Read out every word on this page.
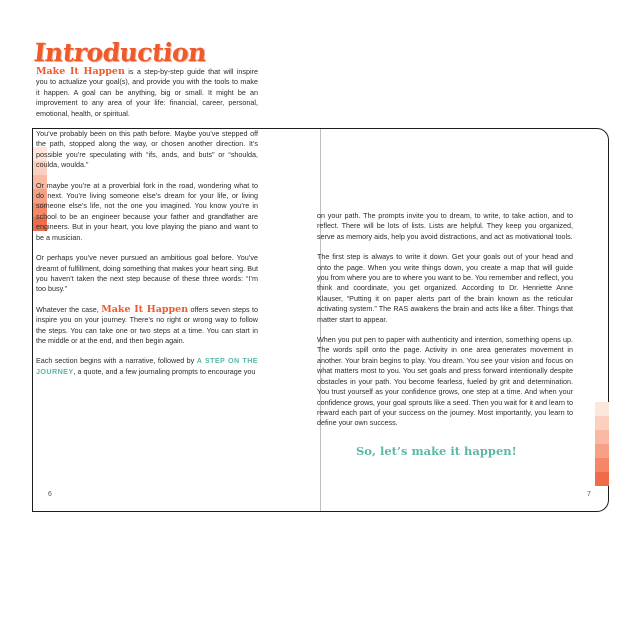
Introduction

Make It Happen is a step-by-step guide that will inspire you to actualize your goal(s), and provide you with the tools to make it happen. A goal can be anything, big or small. It might be an improvement to any area of your life: financial, career, personal, emotional, health, or spiritual.

You’ve probably been on this path before. Maybe you’ve stepped off the path, stopped along the way, or chosen another direction. It’s possible you’re speculating with “ifs, ands, and buts” or “shoulda, coulda, woulda.”

Or maybe you’re at a proverbial fork in the road, wondering what to do next. You’re living someone else’s dream for your life, or living someone else’s life, not the one you imagined. You know you’re in school to be an engineer because your father and grandfather are engineers. But in your heart, you love playing the piano and want to be a musician.

Or perhaps you’ve never pursued an ambitious goal before. You’ve dreamt of fulfillment, doing something that makes your heart sing. But you haven’t taken the next step because of these three words: “I’m too busy.”

Whatever the case, Make It Happen offers seven steps to inspire you on your journey. There’s no right or wrong way to follow the steps. You can take one or two steps at a time. You can start in the middle or at the end, and then begin again.

Each section begins with a narrative, followed by A STEP ON THE JOURNEY, a quote, and a few journaling prompts to encourage you

on your path. The prompts invite you to dream, to write, to take action, and to reflect. There will be lots of lists. Lists are helpful. They keep you organized, serve as memory aids, help you avoid distractions, and act as motivational tools.

The first step is always to write it down. Get your goals out of your head and onto the page. When you write things down, you create a map that will guide you from where you are to where you want to be. You remember and reflect, you think and coordinate, you get organized. According to Dr. Henriette Anne Klauser, “Putting it on paper alerts part of the brain known as the reticular activating system.” The RAS awakens the brain and acts like a filter. Things that matter start to appear.

When you put pen to paper with authenticity and intention, something opens up. The words spill onto the page. Activity in one area generates movement in another. Your brain begins to play. You dream. You see your vision and focus on what matters most to you. You set goals and press forward intentionally despite obstacles in your path. You become fearless, fueled by grit and determination. You trust yourself as your confidence grows, one step at a time. And when your confidence grows, your goal sprouts like a seed. Then you wait for it and learn to reward each part of your success on the journey. Most importantly, you learn to define your own success.

So, let’s make it happen!

6	7
